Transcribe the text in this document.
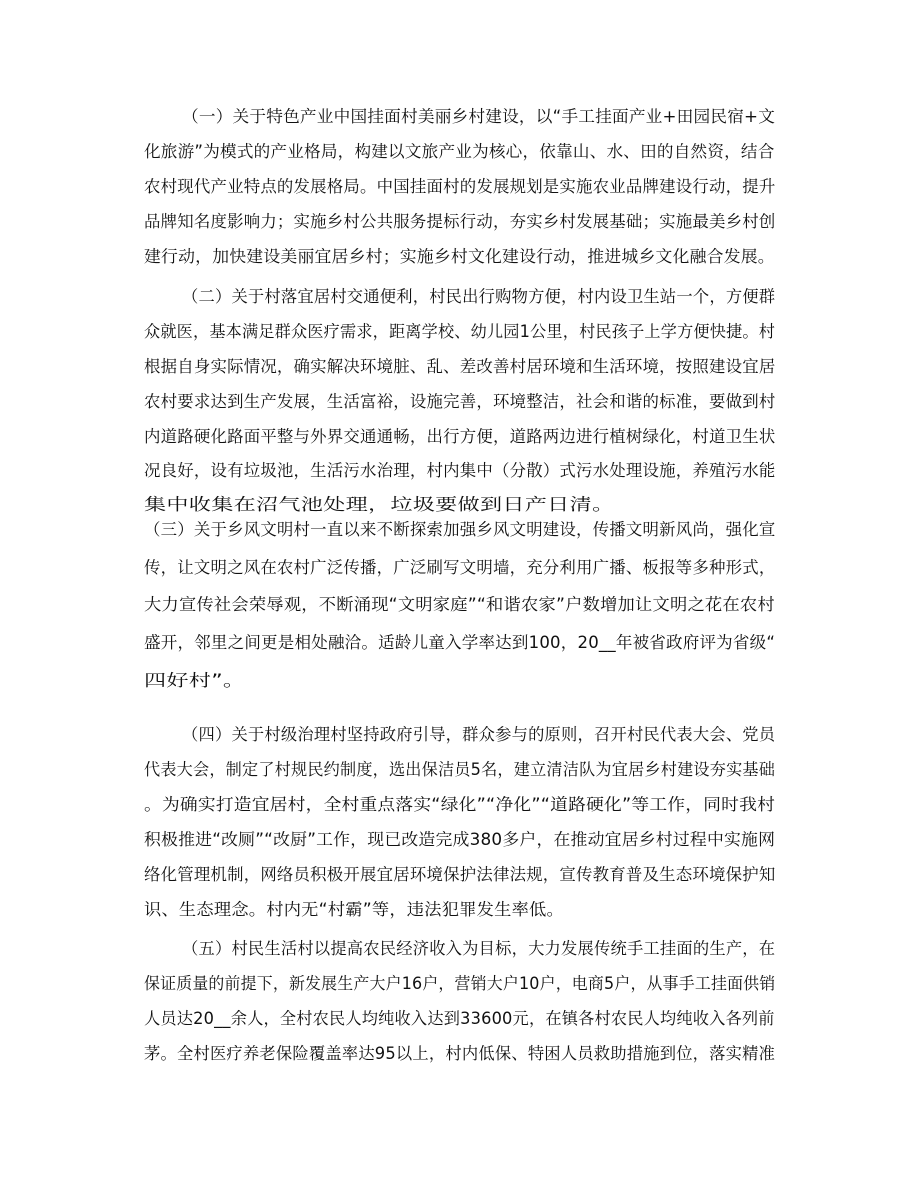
（一）关于特色产业中国挂面村美丽乡村建设，以“手工挂面产业+田园民宿+文

化旅游”为模式的产业格局，构建以文旅产业为核心，依靠山、水、田的自然资，结合

农村现代产业特点的发展格局。中国挂面村的发展规划是实施农业品牌建设行动，提升

品牌知名度影响力；实施乡村公共服务提标行动，夯实乡村发展基础；实施最美乡村创

建行动，加快建设美丽宜居乡村；实施乡村文化建设行动，推进城乡文化融合发展。

（二）关于村落宜居村交通便利，村民出行购物方便，村内设卫生站一个，方便群

众就医，基本满足群众医疗需求，距离学校、幼儿园1公里，村民孩子上学方便快捷。村

根据自身实际情况，确实解决环境脏、乱、差改善村居环境和生活环境，按照建设宜居

农村要求达到生产发展，生活富裕，设施完善，环境整洁，社会和谐的标准，要做到村

内道路硬化路面平整与外界交通通畅，出行方便，道路两边进行植树绿化，村道卫生状

况良好，设有垃圾池，生活污水治理，村内集中（分散）式污水处理设施，养殖污水能

集中收集在沼气池处理，垃圾要做到日产日清。

（三）关于乡风文明村一直以来不断探索加强乡风文明建设，传播文明新风尚，强化宣

传，让文明之风在农村广泛传播，广泛刷写文明墙，充分利用广播、板报等多种形式，

大力宣传社会荣辱观，不断涌现“文明家庭”“和谐农家”户数增加让文明之花在农村

盛开，邻里之间更是相处融洽。适龄儿童入学率达到100，20__年被省政府评为省级“

四好村”。

（四）关于村级治理村坚持政府引导，群众参与的原则，召开村民代表大会、党员

代表大会，制定了村规民约制度，选出保洁员5名，建立清洁队为宜居乡村建设夯实基础

。为确实打造宜居村，全村重点落实“绿化”“净化”“道路硬化”等工作，同时我村

积极推进“改厕”“改厨”工作，现已改造完成380多户，在推动宜居乡村过程中实施网

络化管理机制，网络员积极开展宜居环境保护法律法规，宣传教育普及生态环境保护知

识、生态理念。村内无“村霸”等，违法犯罪发生率低。

（五）村民生活村以提高农民经济收入为目标，大力发展传统手工挂面的生产，在

保证质量的前提下，新发展生产大户16户，营销大户10户，电商5户，从事手工挂面供销

人员达20__余人，全村农民人均纯收入达到33600元，在镇各村农民人均纯收入各列前

茅。全村医疗养老保险覆盖率达95以上，村内低保、特困人员救助措施到位，落实精准
